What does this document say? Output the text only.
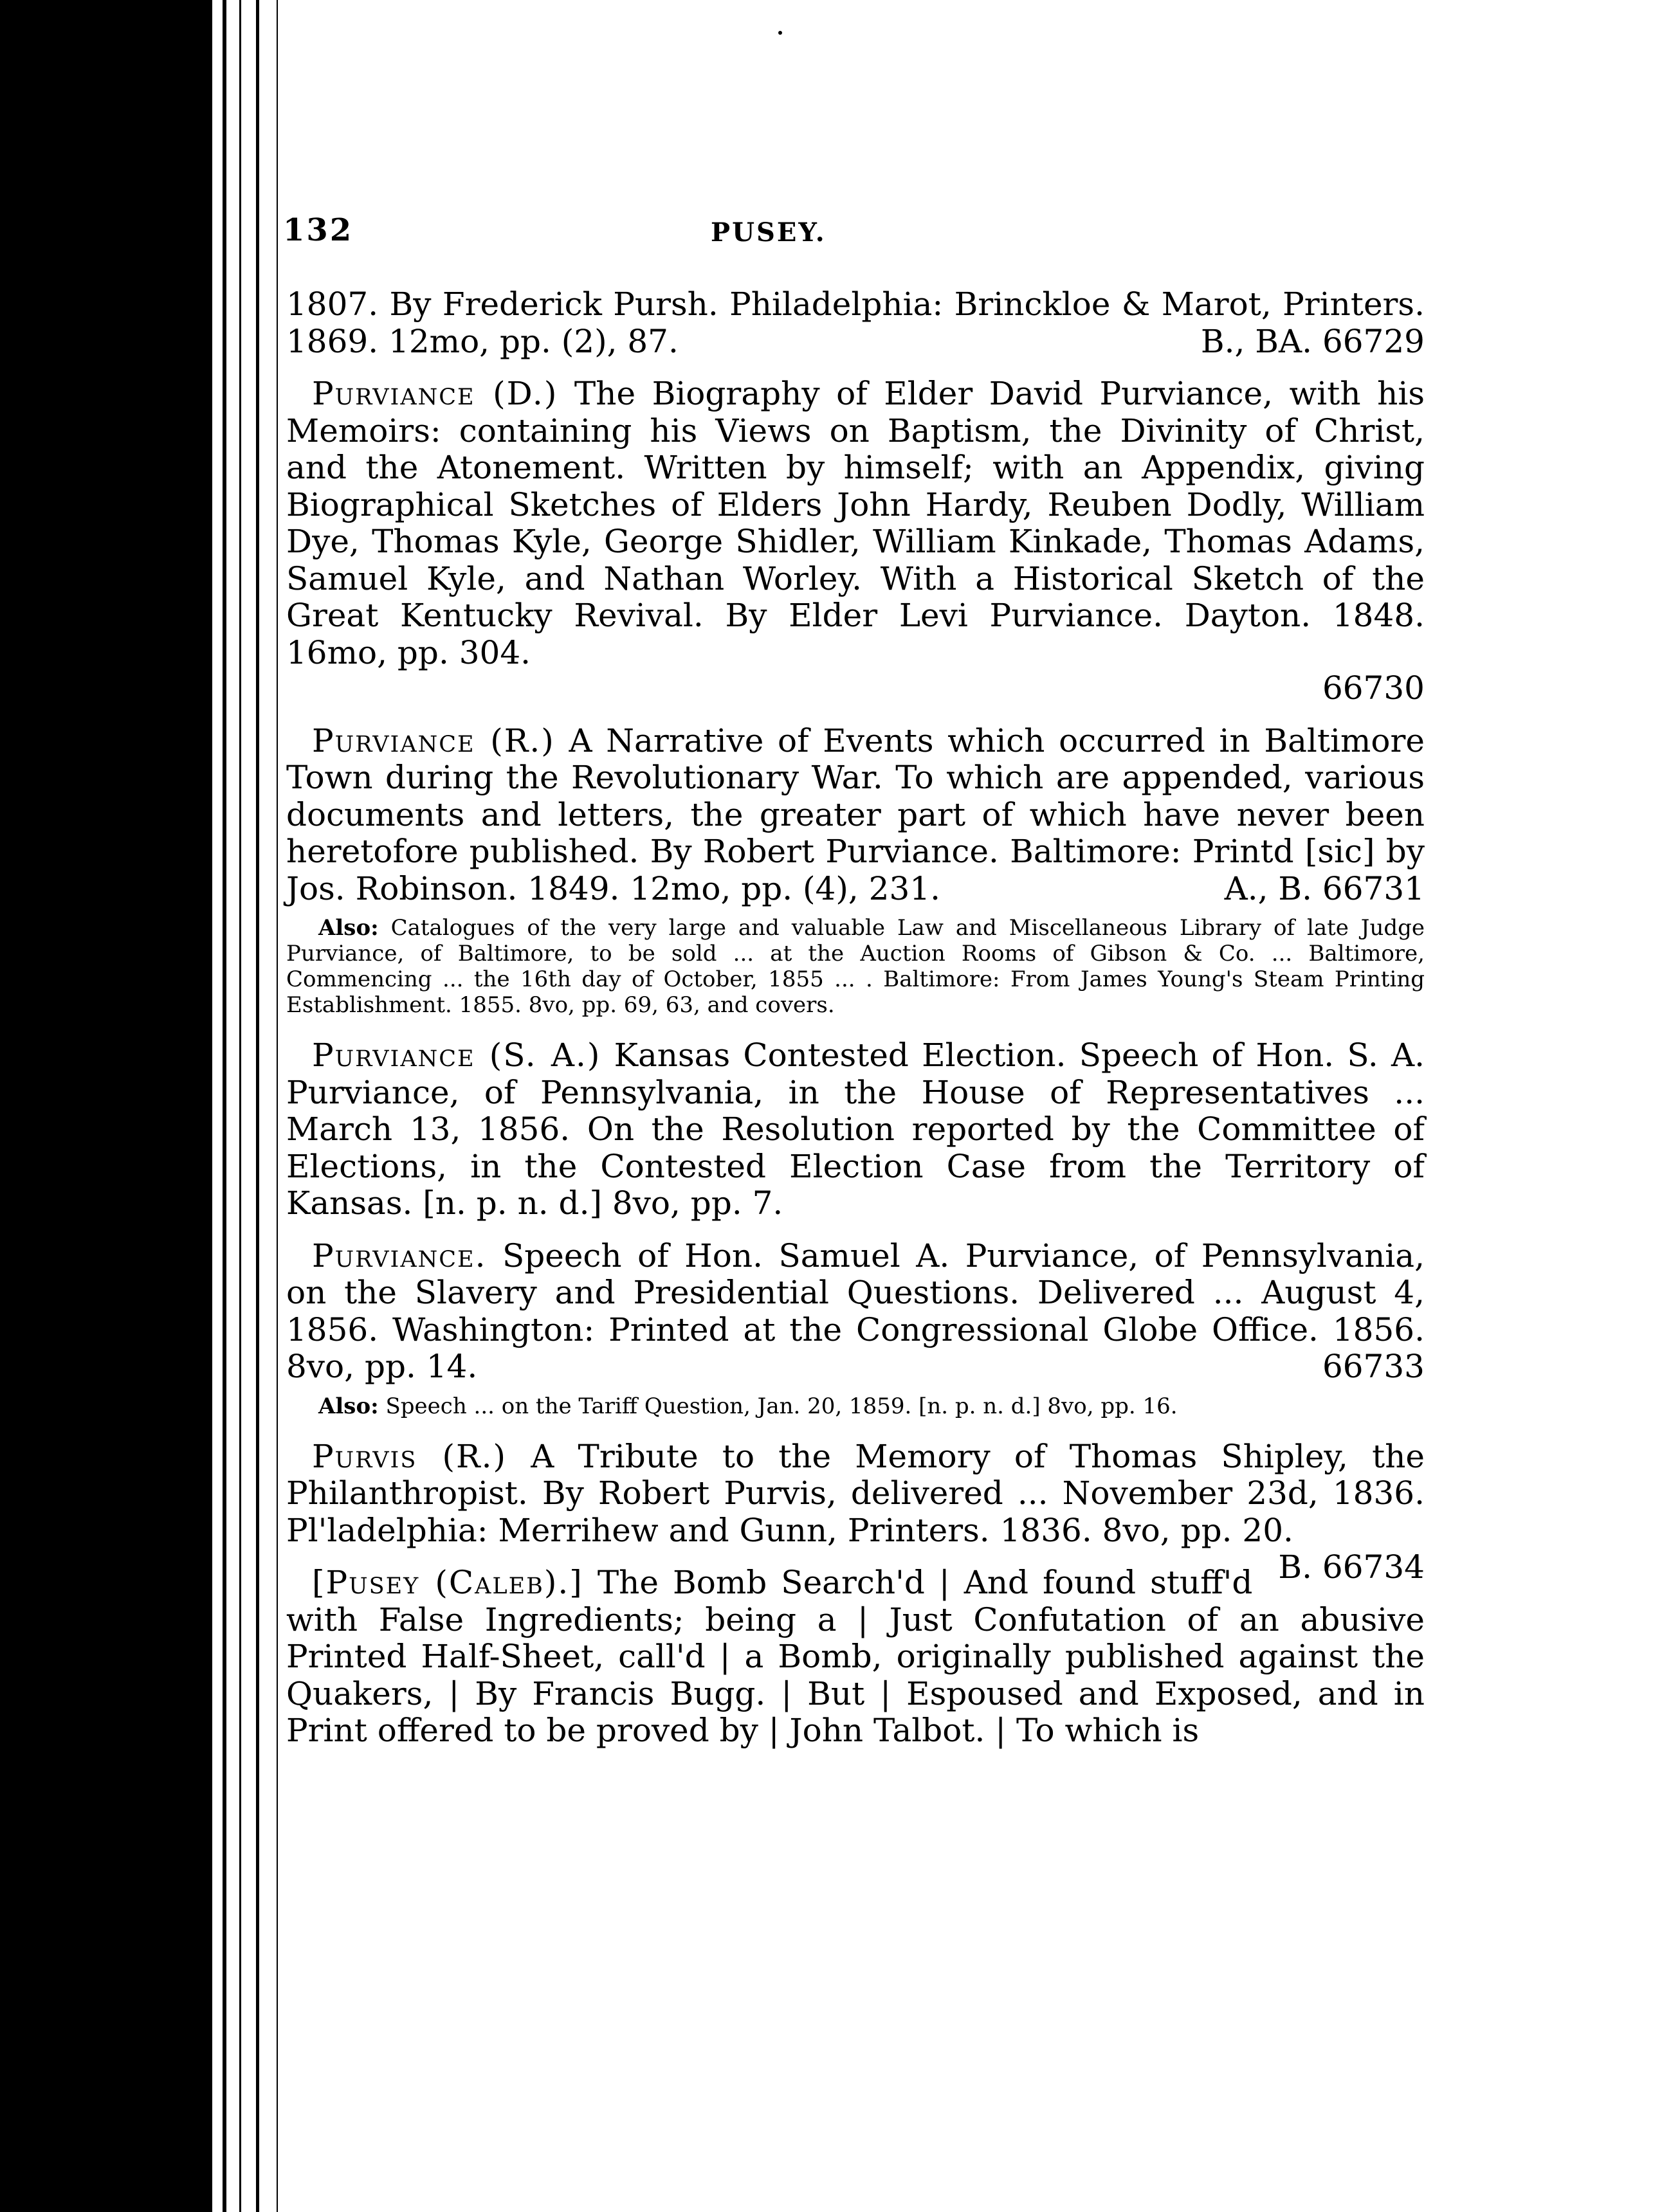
132	PUSEY.

1807. By Frederick Pursh. Philadelphia: Brinckloe & Marot, Printers. 1869. 12mo, pp. (2), 87.	B., BA. 66729

Purviance (D.) The Biography of Elder David Purviance, with his Memoirs: containing his Views on Baptism, the Divinity of Christ, and the Atonement. Written by himself; with an Appendix, giving Biographical Sketches of Elders John Hardy, Reuben Dodly, William Dye, Thomas Kyle, George Shidler, William Kinkade, Thomas Adams, Samuel Kyle, and Nathan Worley. With a Historical Sketch of the Great Kentucky Revival. By Elder Levi Purviance. Dayton. 1848. 16mo, pp. 304.
66730

Purviance (R.) A Narrative of Events which occurred in Baltimore Town during the Revolutionary War. To which are appended, various documents and letters, the greater part of which have never been heretofore published. By Robert Purviance. Baltimore: Printd [sic] by Jos. Robinson. 1849. 12mo, pp. (4), 231.	A., B. 66731

Also: Catalogues of the very large and valuable Law and Miscellaneous Library of late Judge Purviance, of Baltimore, to be sold ... at the Auction Rooms of Gibson & Co. ... Baltimore, Commencing ... the 16th day of October, 1855 ... . Baltimore: From James Young's Steam Printing Establishment. 1855. 8vo, pp. 69, 63, and covers.

Purviance (S. A.) Kansas Contested Election. Speech of Hon. S. A. Purviance, of Pennsylvania, in the House of Representatives ... March 13, 1856. On the Resolution reported by the Committee of Elections, in the Contested Election Case from the Territory of Kansas. [n. p. n. d.] 8vo, pp. 7.

Purviance. Speech of Hon. Samuel A. Purviance, of Pennsylvania, on the Slavery and Presidential Questions. Delivered ... August 4, 1856. Washington: Printed at the Congressional Globe Office. 1856. 8vo, pp. 14.	66733

Also: Speech ... on the Tariff Question, Jan. 20, 1859. [n. p. n. d.] 8vo, pp. 16.

Purvis (R.) A Tribute to the Memory of Thomas Shipley, the Philanthropist. By Robert Purvis, delivered ... November 23d, 1836. Pl'ladelphia: Merrihew and Gunn, Printers. 1836. 8vo, pp. 20.
B. 66734

[Pusey (Caleb).] The Bomb Search'd | And found stuff'd with False Ingredients; being a | Just Confutation of an abusive Printed Half-Sheet, call'd | a Bomb, originally published against the Quakers, | By Francis Bugg. | But | Espoused and Exposed, and in Print offered to be proved by | John Talbot. | To which is
